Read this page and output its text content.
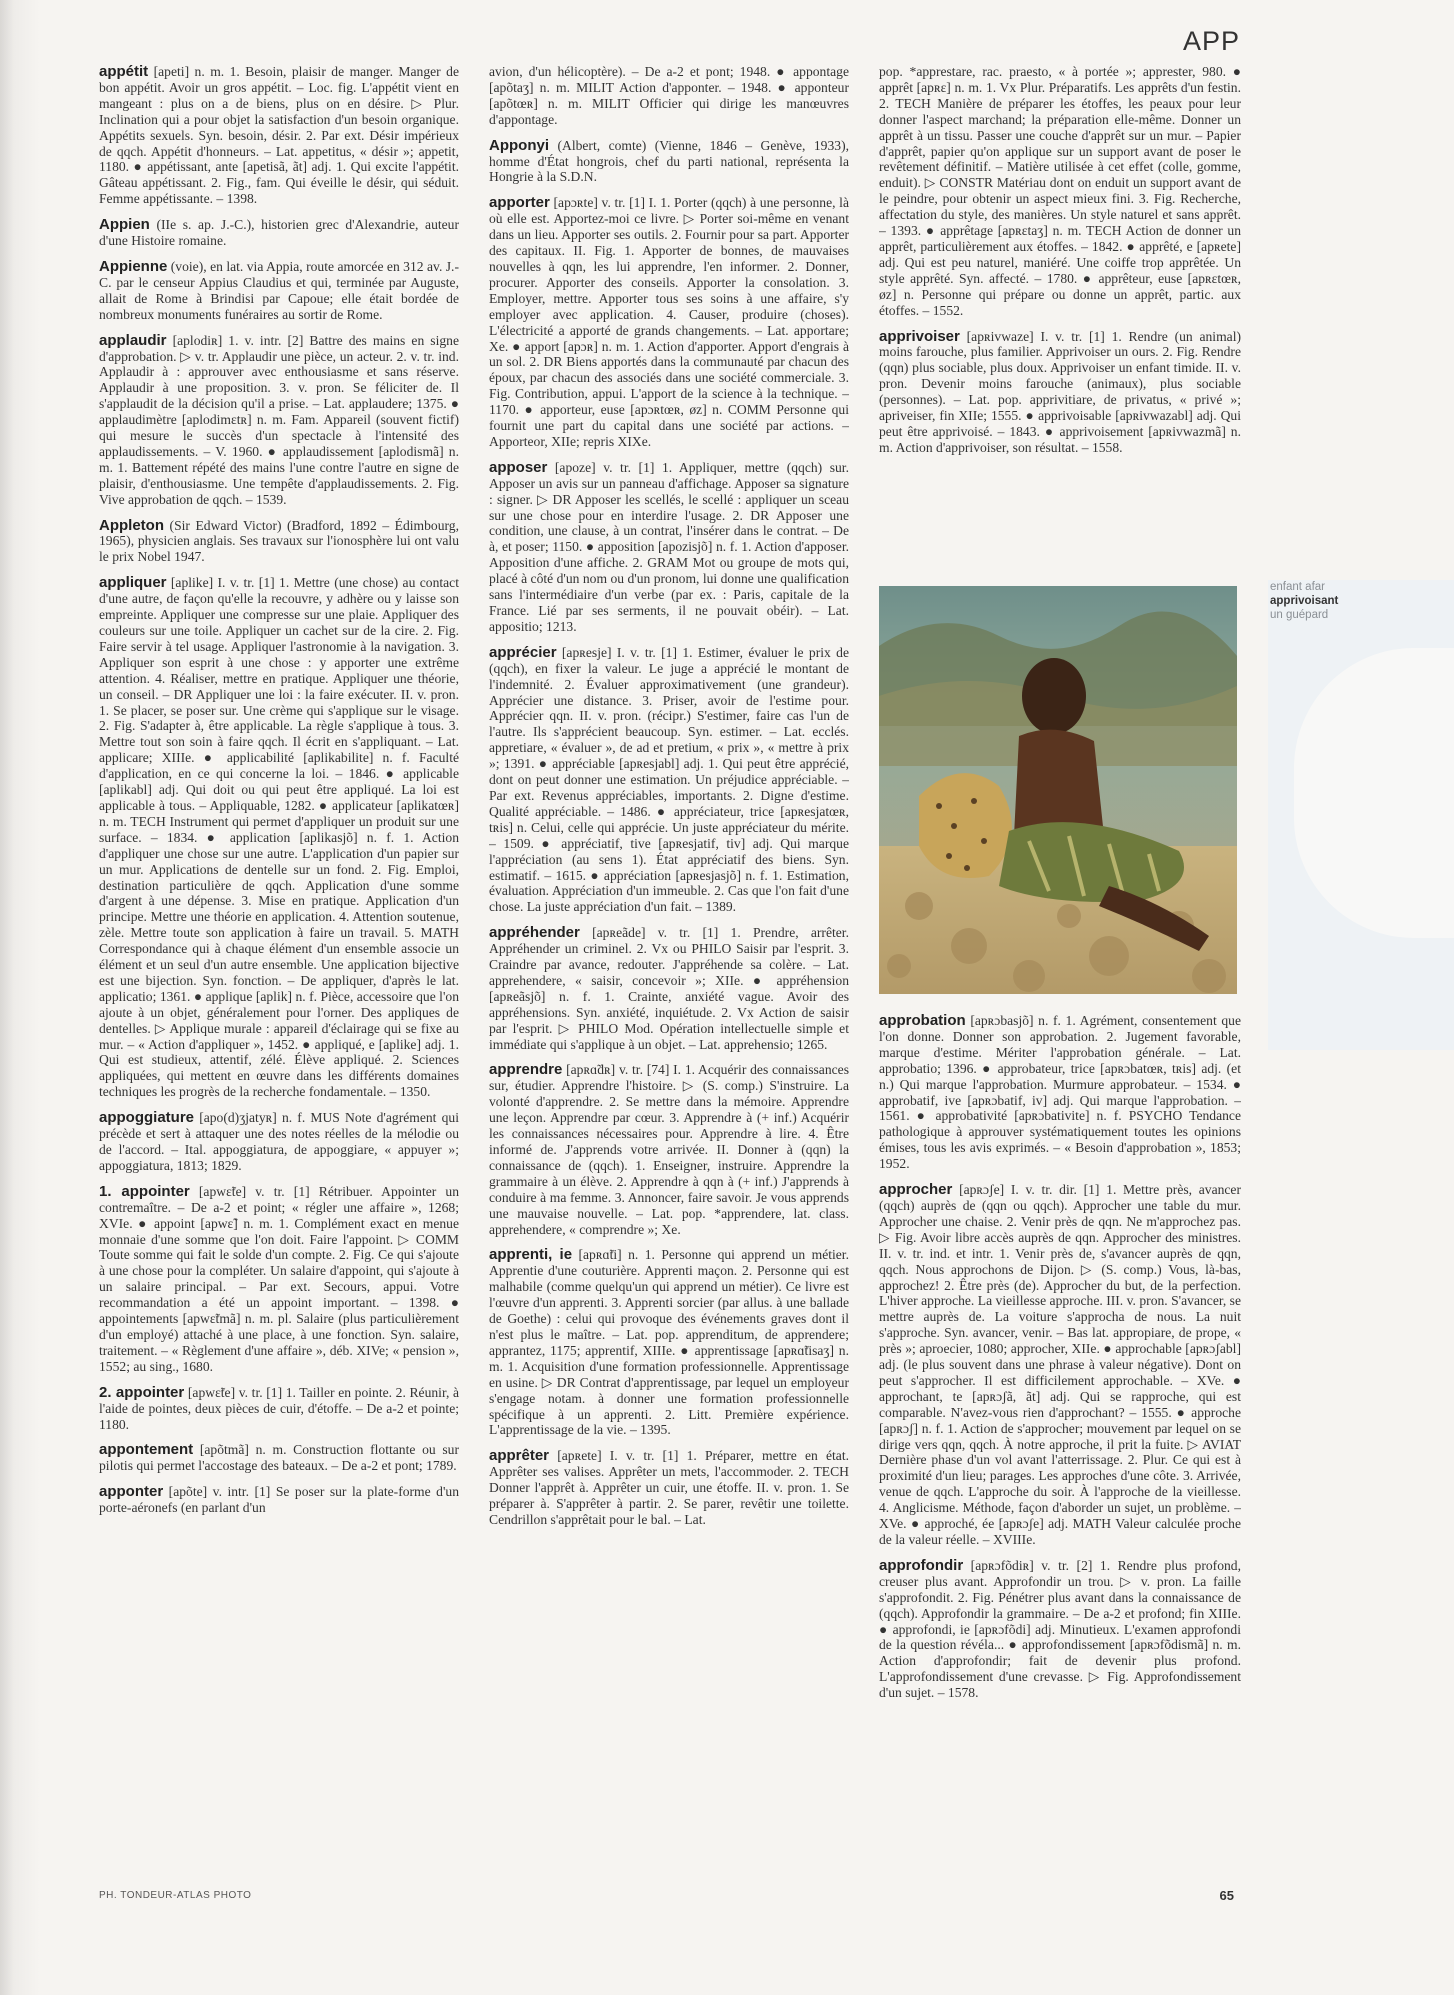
APP

appétit [apeti] n. m. 1. Besoin, plaisir de manger. Manger de bon appétit. Avoir un gros appétit. – Loc. fig. L'appétit vient en mangeant : plus on a de biens, plus on en désire. ▷ Plur. Inclination qui a pour objet la satisfaction d'un besoin organique. Appétits sexuels. Syn. besoin, désir. 2. Par ext. Désir impérieux de qqch. Appétit d'honneurs. – Lat. appetitus, « désir »; appetit, 1180. ● appétissant, ante [apetisã, ãt] adj. 1. Qui excite l'appétit. Gâteau appétissant. 2. Fig., fam. Qui éveille le désir, qui séduit. Femme appétissante. – 1398.

Appien (IIe s. ap. J.-C.), historien grec d'Alexandrie, auteur d'une Histoire romaine.

Appienne (voie), en lat. via Appia, route amorcée en 312 av. J.-C. par le censeur Appius Claudius et qui, terminée par Auguste, allait de Rome à Brindisi par Capoue; elle était bordée de nombreux monuments funéraires au sortir de Rome.

applaudir [aplodiʀ] 1. v. intr. [2] Battre des mains en signe d'approbation. ▷ v. tr. Applaudir une pièce, un acteur. 2. v. tr. ind. Applaudir à : approuver avec enthousiasme et sans réserve. Applaudir à une proposition. 3. v. pron. Se féliciter de. Il s'applaudit de la décision qu'il a prise. – Lat. applaudere; 1375. ● applaudimètre [aplodimɛtʀ] n. m. Fam. Appareil (souvent fictif) qui mesure le succès d'un spectacle à l'intensité des applaudissements. – V. 1960. ● applaudissement [aplodismã] n. m. 1. Battement répété des mains l'une contre l'autre en signe de plaisir, d'enthousiasme. Une tempête d'applaudissements. 2. Fig. Vive approbation de qqch. – 1539.

Appleton (Sir Edward Victor) (Bradford, 1892 – Édimbourg, 1965), physicien anglais. Ses travaux sur l'ionosphère lui ont valu le prix Nobel 1947.

appliquer [aplike] I. v. tr. [1] 1. Mettre (une chose) au contact d'une autre, de façon qu'elle la recouvre, y adhère ou y laisse son empreinte. Appliquer une compresse sur une plaie. Appliquer des couleurs sur une toile. Appliquer un cachet sur de la cire. 2. Fig. Faire servir à tel usage. Appliquer l'astronomie à la navigation. 3. Appliquer son esprit à une chose : y apporter une extrême attention. 4. Réaliser, mettre en pratique. Appliquer une théorie, un conseil. – DR Appliquer une loi : la faire exécuter. II. v. pron. 1. Se placer, se poser sur. Une crème qui s'applique sur le visage. 2. Fig. S'adapter à, être applicable. La règle s'applique à tous. 3. Mettre tout son soin à faire qqch. Il écrit en s'appliquant. – Lat. applicare; XIIIe. ● applicabilité [aplikabilite] n. f. Faculté d'application, en ce qui concerne la loi. – 1846. ● applicable [aplikabl] adj. Qui doit ou qui peut être appliqué. La loi est applicable à tous. – Appliquable, 1282. ● applicateur [aplikatœʀ] n. m. TECH Instrument qui permet d'appliquer un produit sur une surface. – 1834. ● application [aplikasjõ] n. f. 1. Action d'appliquer une chose sur une autre. L'application d'un papier sur un mur. Applications de dentelle sur un fond. 2. Fig. Emploi, destination particulière de qqch. Application d'une somme d'argent à une dépense. 3. Mise en pratique. Application d'un principe. Mettre une théorie en application. 4. Attention soutenue, zèle. Mettre toute son application à faire un travail. 5. MATH Correspondance qui à chaque élément d'un ensemble associe un élément et un seul d'un autre ensemble. Une application bijective est une bijection. Syn. fonction. – De appliquer, d'après le lat. applicatio; 1361. ● applique [aplik] n. f. Pièce, accessoire que l'on ajoute à un objet, généralement pour l'orner. Des appliques de dentelles. ▷ Applique murale : appareil d'éclairage qui se fixe au mur. – « Action d'appliquer », 1452. ● appliqué, e [aplike] adj. 1. Qui est studieux, attentif, zélé. Élève appliqué. 2. Sciences appliquées, qui mettent en œuvre dans les différents domaines techniques les progrès de la recherche fondamentale. – 1350.

appoggiature [apo(d)ʒjatyʀ] n. f. MUS Note d'agrément qui précède et sert à attaquer une des notes réelles de la mélodie ou de l'accord. – Ital. appoggiatura, de appoggiare, « appuyer »; appoggiatura, 1813; 1829.

1. appointer [apwɛ̃te] v. tr. [1] Rétribuer. Appointer un contremaître. – De a-2 et point; « régler une affaire », 1268; XVIe. ● appoint [apwɛ̃] n. m. 1. Complément exact en menue monnaie d'une somme que l'on doit. Faire l'appoint. ▷ COMM Toute somme qui fait le solde d'un compte. 2. Fig. Ce qui s'ajoute à une chose pour la compléter. Un salaire d'appoint, qui s'ajoute à un salaire principal. – Par ext. Secours, appui. Votre recommandation a été un appoint important. – 1398. ● appointements [apwɛ̃tmã] n. m. pl. Salaire (plus particulièrement d'un employé) attaché à une place, à une fonction. Syn. salaire, traitement. – « Règlement d'une affaire », déb. XIVe; « pension », 1552; au sing., 1680.

2. appointer [apwɛ̃te] v. tr. [1] 1. Tailler en pointe. 2. Réunir, à l'aide de pointes, deux pièces de cuir, d'étoffe. – De a-2 et pointe; 1180.

appontement [apõtmã] n. m. Construction flottante ou sur pilotis qui permet l'accostage des bateaux. – De a-2 et pont; 1789.

apponter [apõte] v. intr. [1] Se poser sur la plate-forme d'un porte-aéronefs (en parlant d'un

avion, d'un hélicoptère). – De a-2 et pont; 1948. ● appontage [apõtaʒ] n. m. MILIT Action d'apponter. – 1948. ● apponteur [apõtœʀ] n. m. MILIT Officier qui dirige les manœuvres d'appontage.

Apponyi (Albert, comte) (Vienne, 1846 – Genève, 1933), homme d'État hongrois, chef du parti national, représenta la Hongrie à la S.D.N.

apporter [apɔʀte] v. tr. [1] I. 1. Porter (qqch) à une personne, là où elle est. Apportez-moi ce livre. ▷ Porter soi-même en venant dans un lieu. Apporter ses outils. 2. Fournir pour sa part. Apporter des capitaux. II. Fig. 1. Apporter de bonnes, de mauvaises nouvelles à qqn, les lui apprendre, l'en informer. 2. Donner, procurer. Apporter des conseils. Apporter la consolation. 3. Employer, mettre. Apporter tous ses soins à une affaire, s'y employer avec application. 4. Causer, produire (choses). L'électricité a apporté de grands changements. – Lat. apportare; Xe. ● apport [apɔʀ] n. m. 1. Action d'apporter. Apport d'engrais à un sol. 2. DR Biens apportés dans la communauté par chacun des époux, par chacun des associés dans une société commerciale. 3. Fig. Contribution, appui. L'apport de la science à la technique. – 1170. ● apporteur, euse [apɔʀtœʀ, øz] n. COMM Personne qui fournit une part du capital dans une société par actions. – Apporteor, XIIe; repris XIXe.

apposer [apoze] v. tr. [1] 1. Appliquer, mettre (qqch) sur. Apposer un avis sur un panneau d'affichage. Apposer sa signature : signer. ▷ DR Apposer les scellés, le scellé : appliquer un sceau sur une chose pour en interdire l'usage. 2. DR Apposer une condition, une clause, à un contrat, l'insérer dans le contrat. – De à, et poser; 1150. ● apposition [apozisjõ] n. f. 1. Action d'apposer. Apposition d'une affiche. 2. GRAM Mot ou groupe de mots qui, placé à côté d'un nom ou d'un pronom, lui donne une qualification sans l'intermédiaire d'un verbe (par ex. : Paris, capitale de la France. Lié par ses serments, il ne pouvait obéir). – Lat. appositio; 1213.

apprécier [apʀesje] I. v. tr. [1] 1. Estimer, évaluer le prix de (qqch), en fixer la valeur. Le juge a apprécié le montant de l'indemnité. 2. Évaluer approximativement (une grandeur). Apprécier une distance. 3. Priser, avoir de l'estime pour. Apprécier qqn. II. v. pron. (récipr.) S'estimer, faire cas l'un de l'autre. Ils s'apprécient beaucoup. Syn. estimer. – Lat. ecclés. appretiare, « évaluer », de ad et pretium, « prix », « mettre à prix »; 1391. ● appréciable [apʀesjabl] adj. 1. Qui peut être apprécié, dont on peut donner une estimation. Un préjudice appréciable. – Par ext. Revenus appréciables, importants. 2. Digne d'estime. Qualité appréciable. – 1486. ● appréciateur, trice [apʀesjatœʀ, tʀis] n. Celui, celle qui apprécie. Un juste appréciateur du mérite. – 1509. ● appréciatif, tive [apʀesjatif, tiv] adj. Qui marque l'appréciation (au sens 1). État appréciatif des biens. Syn. estimatif. – 1615. ● appréciation [apʀesjasjõ] n. f. 1. Estimation, évaluation. Appréciation d'un immeuble. 2. Cas que l'on fait d'une chose. La juste appréciation d'un fait. – 1389.

appréhender [apʀeãde] v. tr. [1] 1. Prendre, arrêter. Appréhender un criminel. 2. Vx ou PHILO Saisir par l'esprit. 3. Craindre par avance, redouter. J'appréhende sa colère. – Lat. apprehendere, « saisir, concevoir »; XIIe. ● appréhension [apʀeãsjõ] n. f. 1. Crainte, anxiété vague. Avoir des appréhensions. Syn. anxiété, inquiétude. 2. Vx Action de saisir par l'esprit. ▷ PHILO Mod. Opération intellectuelle simple et immédiate qui s'applique à un objet. – Lat. apprehensio; 1265.

apprendre [apʀɑ̃dʀ] v. tr. [74] I. 1. Acquérir des connaissances sur, étudier. Apprendre l'histoire. ▷ (S. comp.) S'instruire. La volonté d'apprendre. 2. Se mettre dans la mémoire. Apprendre une leçon. Apprendre par cœur. 3. Apprendre à (+ inf.) Acquérir les connaissances nécessaires pour. Apprendre à lire. 4. Être informé de. J'apprends votre arrivée. II. Donner à (qqn) la connaissance de (qqch). 1. Enseigner, instruire. Apprendre la grammaire à un élève. 2. Apprendre à qqn à (+ inf.) J'apprends à conduire à ma femme. 3. Annoncer, faire savoir. Je vous apprends une mauvaise nouvelle. – Lat. pop. *apprendere, lat. class. apprehendere, « comprendre »; Xe.

apprenti, ie [apʀɑ̃ti] n. 1. Personne qui apprend un métier. Apprentie d'une couturière. Apprenti maçon. 2. Personne qui est malhabile (comme quelqu'un qui apprend un métier). Ce livre est l'œuvre d'un apprenti. 3. Apprenti sorcier (par allus. à une ballade de Goethe) : celui qui provoque des événements graves dont il n'est plus le maître. – Lat. pop. apprenditum, de apprendere; apprantez, 1175; apprentif, XIIIe. ● apprentissage [apʀɑ̃tisaʒ] n. m. 1. Acquisition d'une formation professionnelle. Apprentissage en usine. ▷ DR Contrat d'apprentissage, par lequel un employeur s'engage notam. à donner une formation professionnelle spécifique à un apprenti. 2. Litt. Première expérience. L'apprentissage de la vie. – 1395.

apprêter [apʀete] I. v. tr. [1] 1. Préparer, mettre en état. Apprêter ses valises. Apprêter un mets, l'accommoder. 2. TECH Donner l'apprêt à. Apprêter un cuir, une étoffe. II. v. pron. 1. Se préparer à. S'apprêter à partir. 2. Se parer, revêtir une toilette. Cendrillon s'apprêtait pour le bal. – Lat.

pop. *apprestare, rac. praesto, « à portée »; apprester, 980. ● apprêt [apʀɛ] n. m. 1. Vx Plur. Préparatifs. Les apprêts d'un festin. 2. TECH Manière de préparer les étoffes, les peaux pour leur donner l'aspect marchand; la préparation elle-même. Donner un apprêt à un tissu. Passer une couche d'apprêt sur un mur. – Papier d'apprêt, papier qu'on applique sur un support avant de poser le revêtement définitif. – Matière utilisée à cet effet (colle, gomme, enduit). ▷ CONSTR Matériau dont on enduit un support avant de le peindre, pour obtenir un aspect mieux fini. 3. Fig. Recherche, affectation du style, des manières. Un style naturel et sans apprêt. – 1393. ● apprêtage [apʀɛtaʒ] n. m. TECH Action de donner un apprêt, particulièrement aux étoffes. – 1842. ● apprêté, e [apʀete] adj. Qui est peu naturel, maniéré. Une coiffe trop apprêtée. Un style apprêté. Syn. affecté. – 1780. ● apprêteur, euse [apʀɛtœʀ, øz] n. Personne qui prépare ou donne un apprêt, partic. aux étoffes. – 1552.

apprivoiser [apʀivwaze] I. v. tr. [1] 1. Rendre (un animal) moins farouche, plus familier. Apprivoiser un ours. 2. Fig. Rendre (qqn) plus sociable, plus doux. Apprivoiser un enfant timide. II. v. pron. Devenir moins farouche (animaux), plus sociable (personnes). – Lat. pop. apprivitiare, de privatus, « privé »; apriveiser, fin XIIe; 1555. ● apprivoisable [apʀivwazabl] adj. Qui peut être apprivoisé. – 1843. ● apprivoisement [apʀivwazmã] n. m. Action d'apprivoiser, son résultat. – 1558.

enfant afar
apprivoisant
un guépard

approbation [apʀɔbasjõ] n. f. 1. Agrément, consentement que l'on donne. Donner son approbation. 2. Jugement favorable, marque d'estime. Mériter l'approbation générale. – Lat. approbatio; 1396. ● approbateur, trice [apʀɔbatœʀ, tʀis] adj. (et n.) Qui marque l'approbation. Murmure approbateur. – 1534. ● approbatif, ive [apʀɔbatif, iv] adj. Qui marque l'approbation. – 1561. ● approbativité [apʀɔbativite] n. f. PSYCHO Tendance pathologique à approuver systématiquement toutes les opinions émises, tous les avis exprimés. – « Besoin d'approbation », 1853; 1952.

approcher [apʀɔʃe] I. v. tr. dir. [1] 1. Mettre près, avancer (qqch) auprès de (qqn ou qqch). Approcher une table du mur. Approcher une chaise. 2. Venir près de qqn. Ne m'approchez pas. ▷ Fig. Avoir libre accès auprès de qqn. Approcher des ministres. II. v. tr. ind. et intr. 1. Venir près de, s'avancer auprès de qqn, qqch. Nous approchons de Dijon. ▷ (S. comp.) Vous, là-bas, approchez! 2. Être près (de). Approcher du but, de la perfection. L'hiver approche. La vieillesse approche. III. v. pron. S'avancer, se mettre auprès de. La voiture s'approcha de nous. La nuit s'approche. Syn. avancer, venir. – Bas lat. appropiare, de prope, « près »; aproecier, 1080; approcher, XIIe. ● approchable [apʀɔʃabl] adj. (le plus souvent dans une phrase à valeur négative). Dont on peut s'approcher. Il est difficilement approchable. – XVe. ● approchant, te [apʀɔʃã, ãt] adj. Qui se rapproche, qui est comparable. N'avez-vous rien d'approchant? – 1555. ● approche [apʀɔʃ] n. f. 1. Action de s'approcher; mouvement par lequel on se dirige vers qqn, qqch. À notre approche, il prit la fuite. ▷ AVIAT Dernière phase d'un vol avant l'atterrissage. 2. Plur. Ce qui est à proximité d'un lieu; parages. Les approches d'une côte. 3. Arrivée, venue de qqch. L'approche du soir. À l'approche de la vieillesse. 4. Anglicisme. Méthode, façon d'aborder un sujet, un problème. – XVe. ● approché, ée [apʀɔʃe] adj. MATH Valeur calculée proche de la valeur réelle. – XVIIIe.

approfondir [apʀɔfõdiʀ] v. tr. [2] 1. Rendre plus profond, creuser plus avant. Approfondir un trou. ▷ v. pron. La faille s'approfondit. 2. Fig. Pénétrer plus avant dans la connaissance de (qqch). Approfondir la grammaire. – De a-2 et profond; fin XIIIe. ● approfondi, ie [apʀɔfõdi] adj. Minutieux. L'examen approfondi de la question révéla... ● approfondissement [apʀɔfõdismã] n. m. Action d'approfondir; fait de devenir plus profond. L'approfondissement d'une crevasse. ▷ Fig. Approfondissement d'un sujet. – 1578.

PH. TONDEUR-ATLAS PHOTO	65
